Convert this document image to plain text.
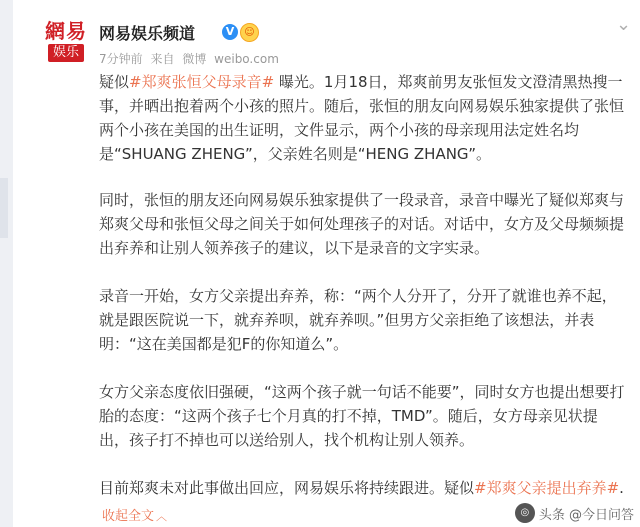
網易
娱乐
网易娱乐频道	V	☺
7分钟前 来自 微博 weibo.com
⌄

疑似#郑爽张恒父母录音# 曝光。1月18日，郑爽前男友张恒发文澄清黑热搜一事，并晒出抱着两个小孩的照片。随后，张恒的朋友向网易娱乐独家提供了张恒两个小孩在美国的出生证明，文件显示，两个小孩的母亲现用法定姓名均是“SHUANG ZHENG”，父亲姓名则是“HENG ZHANG”。

同时，张恒的朋友还向网易娱乐独家提供了一段录音，录音中曝光了疑似郑爽与郑爽父母和张恒父母之间关于如何处理孩子的对话。对话中，女方及父母频频提出弃养和让别人领养孩子的建议，以下是录音的文字实录。

录音一开始，女方父亲提出弃养，称：“两个人分开了，分开了就谁也养不起，就是跟医院说一下，就弃养呗，就弃养呗。”但男方父亲拒绝了该想法，并表明：“这在美国都是犯F的你知道么”。

女方父亲态度依旧强硬，“这两个孩子就一句话不能要”，同时女方也提出想要打胎的态度：“这两个孩子七个月真的打不掉，TMD”。随后，女方母亲见状提出，孩子打不掉也可以送给别人，找个机构让别人领养。

目前郑爽未对此事做出回应，网易娱乐将持续跟进。疑似#郑爽父亲提出弃养#.

收起全文 ︿	◎ 头条 @今日问答
